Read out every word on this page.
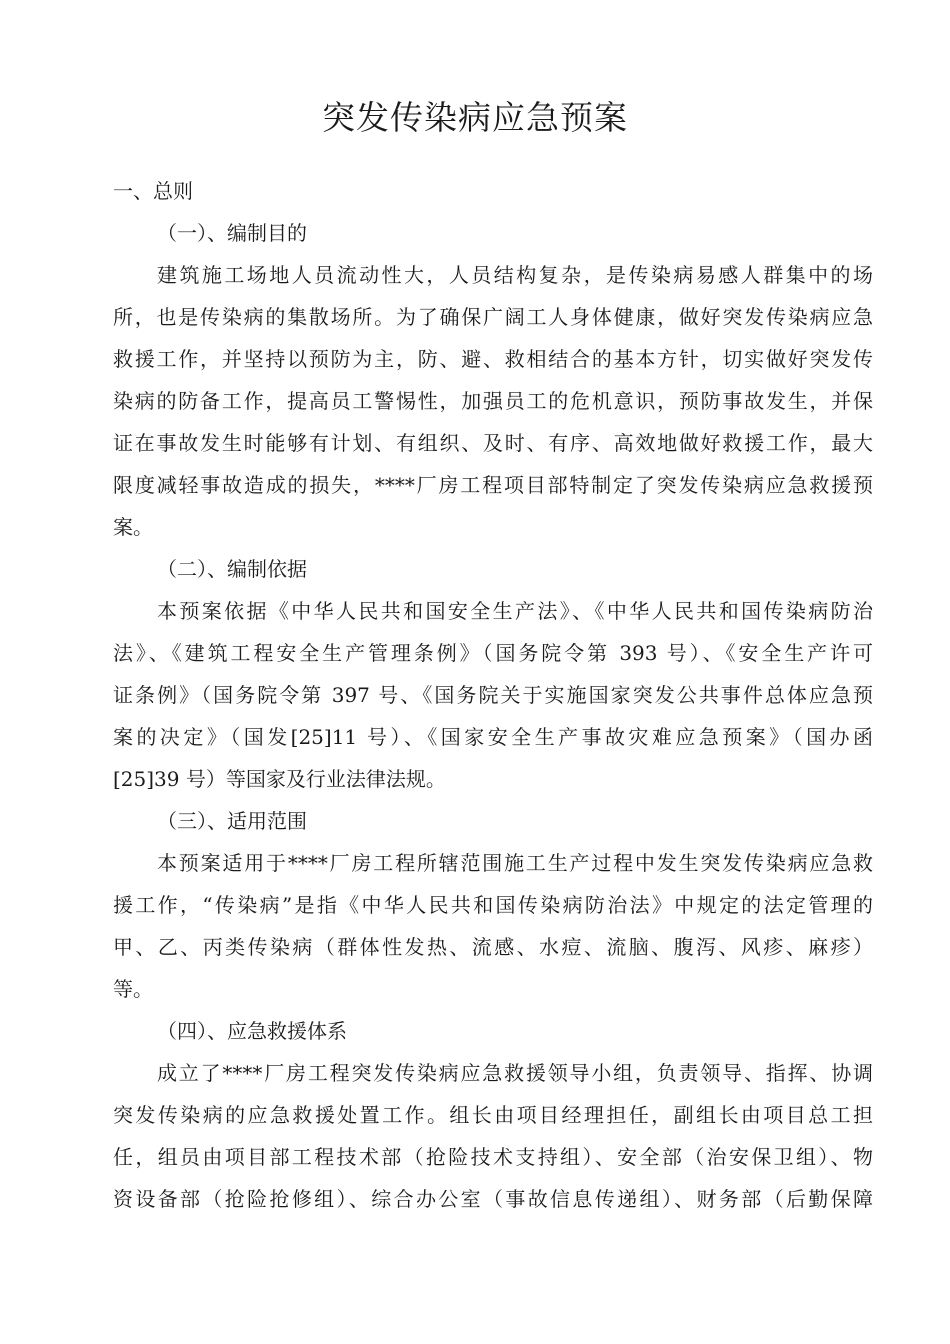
突发传染病应急预案
一、总则
（一）、编制目的
建筑施工场地人员流动性大，人员结构复杂，是传染病易感人群集中的场
所，也是传染病的集散场所。为了确保广阔工人身体健康，做好突发传染病应急
救援工作，并坚持以预防为主，防、避、救相结合的基本方针，切实做好突发传
染病的防备工作，提高员工警惕性，加强员工的危机意识，预防事故发生，并保
证在事故发生时能够有计划、有组织、及时、有序、高效地做好救援工作，最大
限度减轻事故造成的损失，****厂房工程项目部特制定了突发传染病应急救援预
案。
（二）、编制依据
本预案依据《中华人民共和国安全生产法》、《中华人民共和国传染病防治
法》、《建筑工程安全生产管理条例》（国务院令第 393 号）、《安全生产许可
证条例》（国务院令第 397 号、《国务院关于实施国家突发公共事件总体应急预
案的决定》（国发[25]11 号）、《国家安全生产事故灾难应急预案》（国办函
[25]39 号）等国家及行业法律法规。
（三）、适用范围
本预案适用于****厂房工程所辖范围施工生产过程中发生突发传染病应急救
援工作，“传染病”是指《中华人民共和国传染病防治法》中规定的法定管理的
甲、乙、丙类传染病（群体性发热、流感、水痘、流脑、腹泻、风疹、麻疹）
等。
（四）、应急救援体系
成立了****厂房工程突发传染病应急救援领导小组，负责领导、指挥、协调
突发传染病的应急救援处置工作。组长由项目经理担任，副组长由项目总工担
任，组员由项目部工程技术部（抢险技术支持组）、安全部（治安保卫组）、物
资设备部（抢险抢修组）、综合办公室（事故信息传递组）、财务部（后勤保障
